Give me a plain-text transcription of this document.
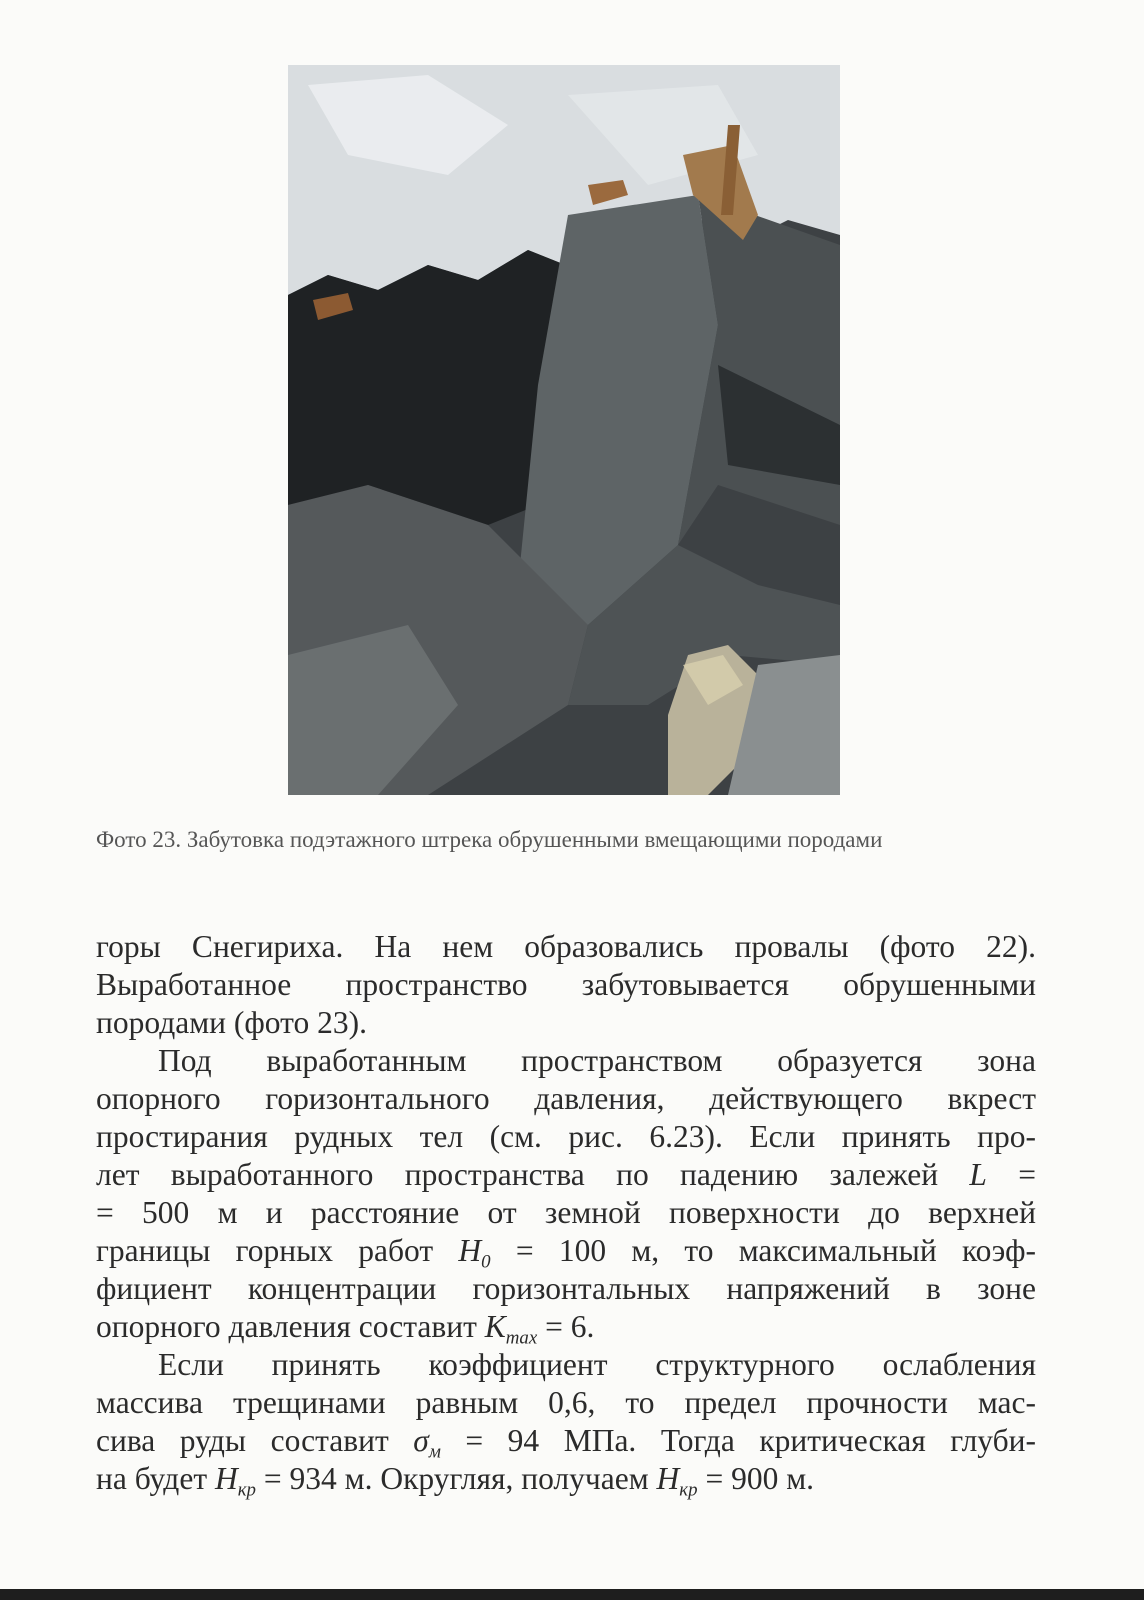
Фото 23. Забутовка подэтажного штрека обрушенными вмещающими породами
горы Снегириха. На нем образовались провалы (фото 22).
Выработанное пространство забутовывается обрушенными
породами (фото 23).
Под выработанным пространством образуется зона
опорного горизонтального давления, действующего вкрест
простирания рудных тел (см. рис. 6.23). Если принять про-
лет выработанного пространства по падению залежей L =
= 500 м и расстояние от земной поверхности до верхней
границы горных работ $H_0 = 100$ м, то максимальный коэф-
фициент концентрации горизонтальных напряжений в зоне
опорного давления составит $K_{max} = 6$.
Если принять коэффициент структурного ослабления
массива трещинами равным 0,6, то предел прочности мас-
сива руды составит $\sigma_м = 94$ МПа. Тогда критическая глуби-
на будет $H_{кр} = 934$ м. Округляя, получаем $H_{кр} = 900$ м.
